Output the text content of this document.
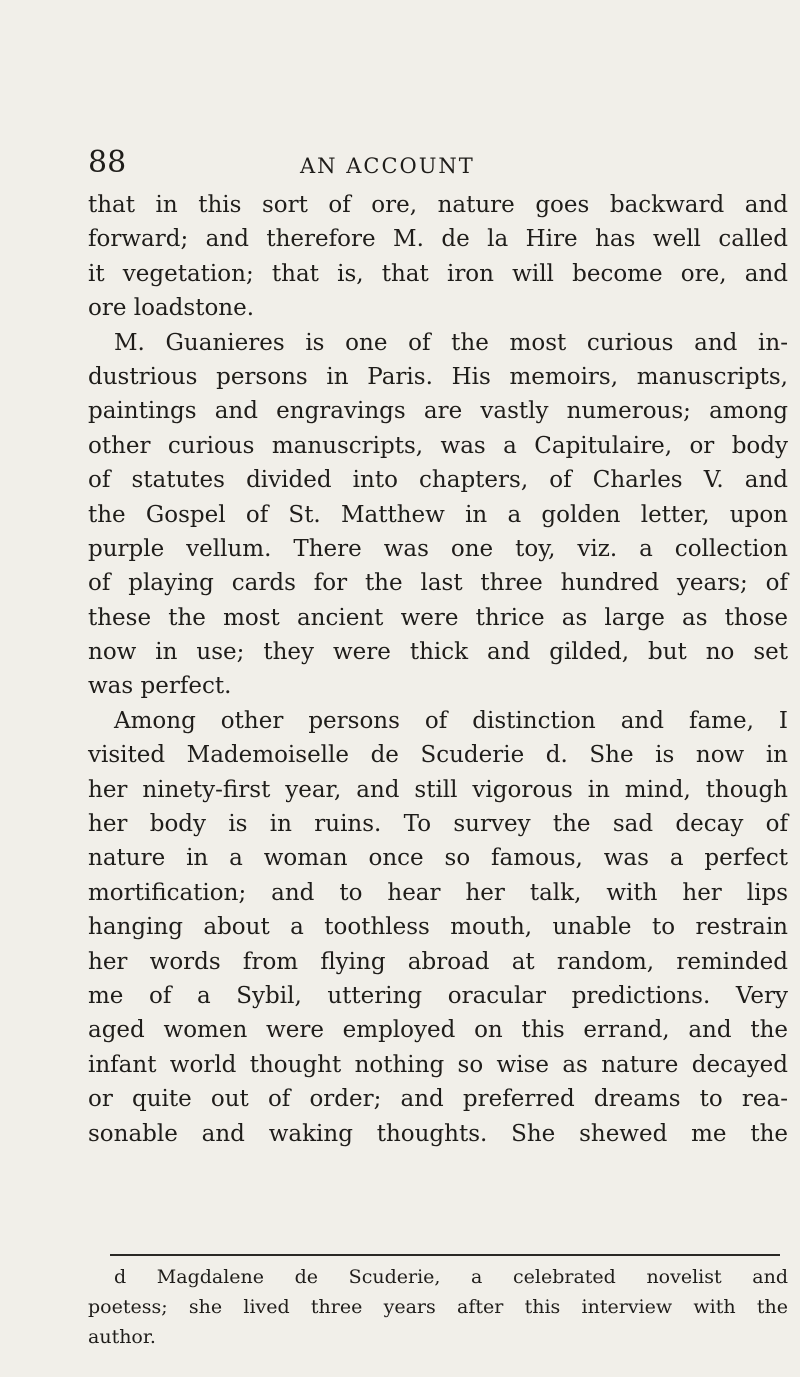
88	AN ACCOUNT
that in this sort of ore, nature goes backward and
forward; and therefore M. de la Hire has well called
it vegetation; that is, that iron will become ore, and
ore loadstone.
M. Guanieres is one of the most curious and in-
dustrious persons in Paris. His memoirs, manuscripts,
paintings and engravings are vastly numerous; among
other curious manuscripts, was a Capitulaire, or body
of statutes divided into chapters, of Charles V. and
the Gospel of St. Matthew in a golden letter, upon
purple vellum. There was one toy, viz. a collection
of playing cards for the last three hundred years; of
these the most ancient were thrice as large as those
now in use; they were thick and gilded, but no set
was perfect.
Among other persons of distinction and fame, I
visited Mademoiselle de Scuderie d. She is now in
her ninety-first year, and still vigorous in mind, though
her body is in ruins. To survey the sad decay of
nature in a woman once so famous, was a perfect
mortification; and to hear her talk, with her lips
hanging about a toothless mouth, unable to restrain
her words from flying abroad at random, reminded
me of a Sybil, uttering oracular predictions. Very
aged women were employed on this errand, and the
infant world thought nothing so wise as nature decayed
or quite out of order; and preferred dreams to rea-
sonable and waking thoughts. She shewed me the
d Magdalene de Scuderie, a celebrated novelist and
poetess; she lived three years after this interview with the
author.
